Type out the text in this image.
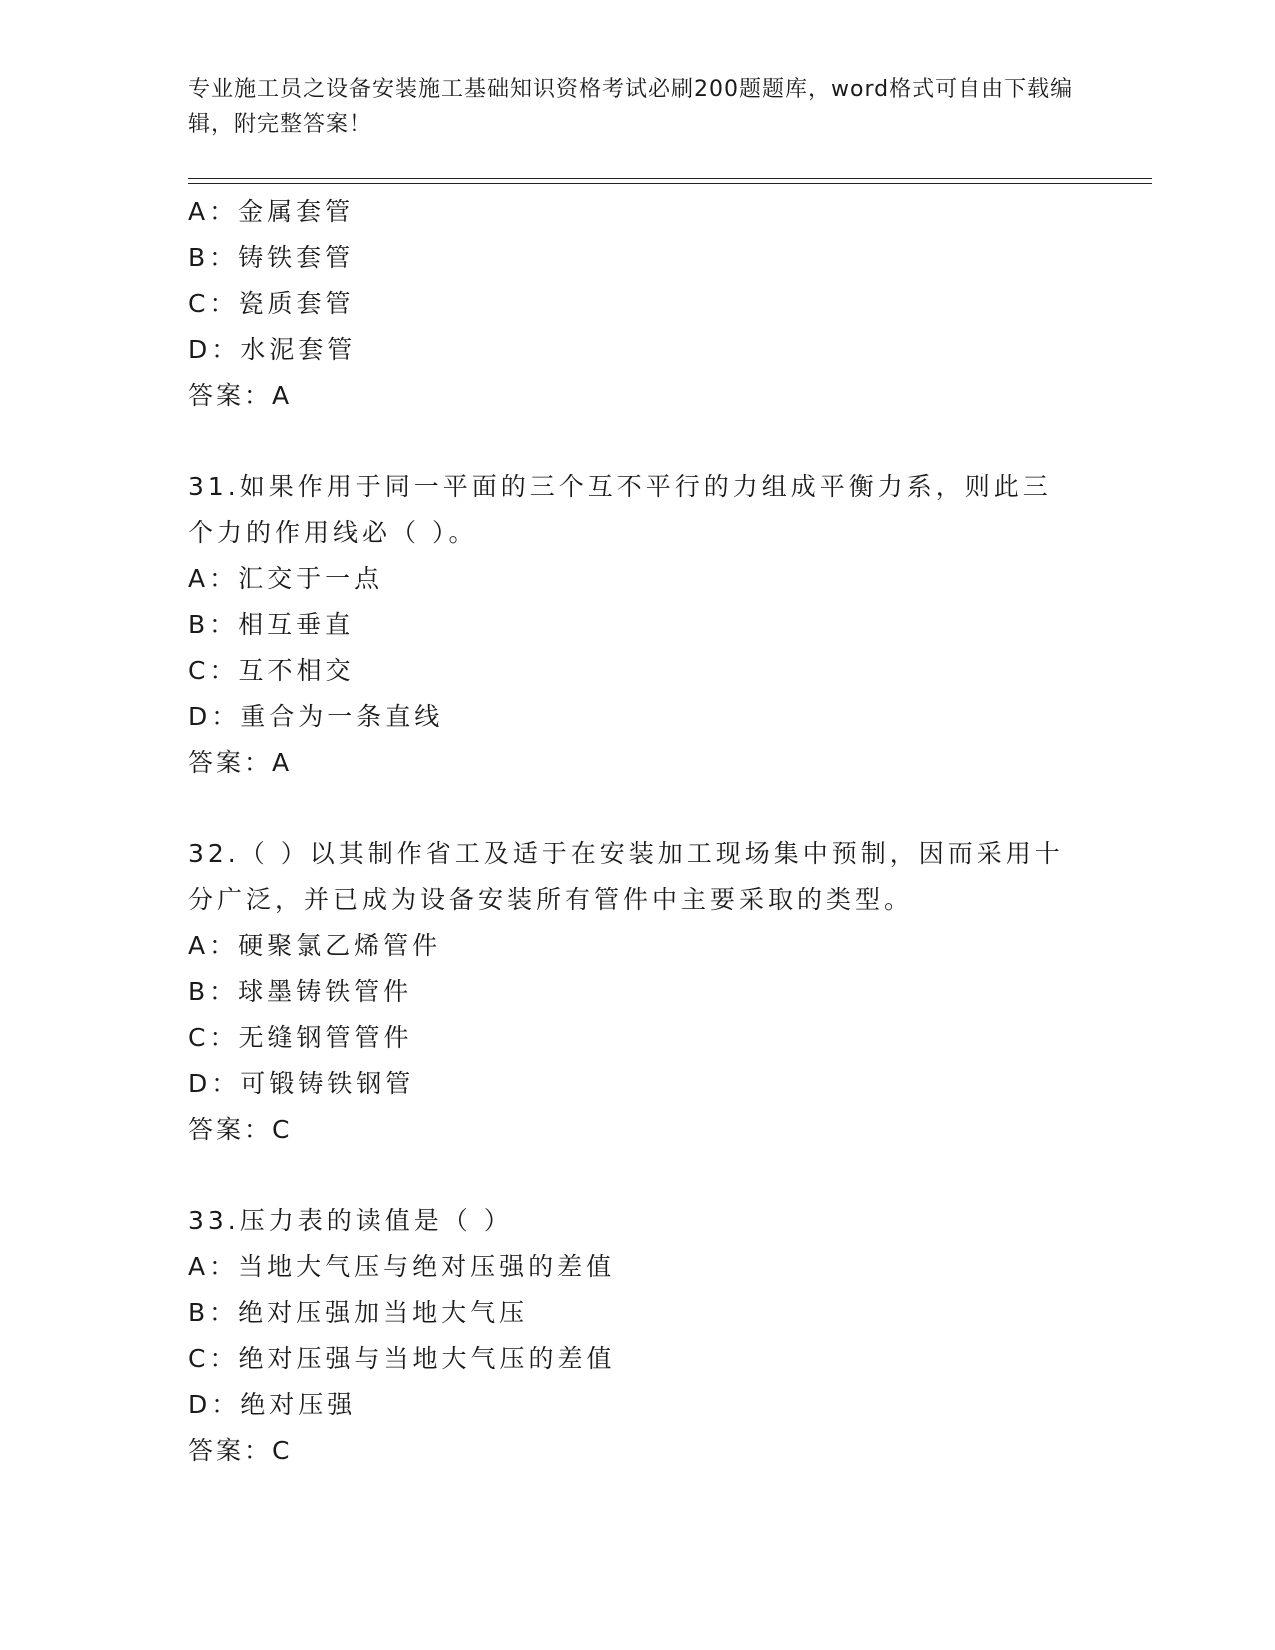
专业施工员之设备安装施工基础知识资格考试必刷200题题库，word格式可自由下载编辑，附完整答案！
A：金属套管
B：铸铁套管
C：瓷质套管
D：水泥套管
答案：A
31.如果作用于同一平面的三个互不平行的力组成平衡力系，则此三个力的作用线必（ ）。
A：汇交于一点
B：相互垂直
C：互不相交
D：重合为一条直线
答案：A
32.（ ）以其制作省工及适于在安装加工现场集中预制，因而采用十分广泛，并已成为设备安装所有管件中主要采取的类型。
A：硬聚氯乙烯管件
B：球墨铸铁管件
C：无缝钢管管件
D：可锻铸铁钢管
答案：C
33.压力表的读值是（ ）
A：当地大气压与绝对压强的差值
B：绝对压强加当地大气压
C：绝对压强与当地大气压的差值
D：绝对压强
答案：C
